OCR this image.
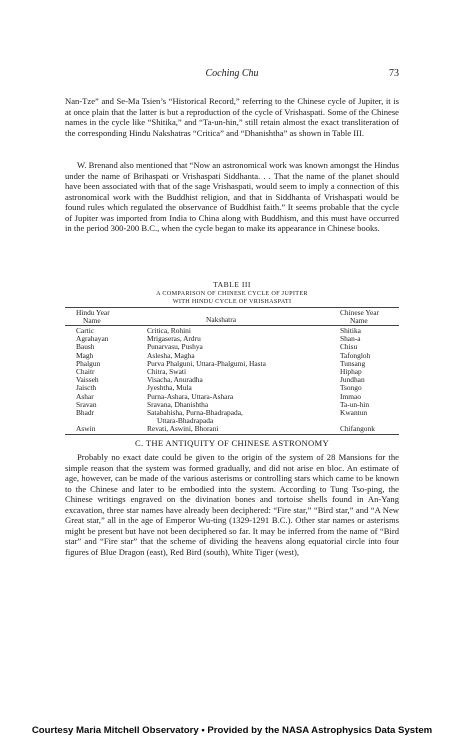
Coching Chu	73

Nan-Tze” and Se-Ma Tsien’s “Historical Record,” referring to the Chinese cycle of Jupiter, it is at once plain that the latter is but a reproduction of the cycle of Vrishaspati. Some of the Chinese names in the cycle like “Shitika,” and “Ta-un-hin,” still retain almost the exact transliteration of the corresponding Hindu Nakshatras “Critica” and “Dhanishtha” as shown in Table III.

W. Brenand also mentioned that “Now an astronomical work was known amongst the Hindus under the name of Brihaspati or Vrishaspati Siddhanta. . . That the name of the planet should have been associated with that of the sage Vrishaspati, would seem to imply a connection of this astronomical work with the Buddhist religion, and that in Siddhanta of Vrishaspati would be found rules which regulated the observance of Buddhist faith.” It seems probable that the cycle of Jupiter was imported from India to China along with Buddhism, and this must have occurred in the period 300-200 B.C., when the cycle began to make its appearance in Chinese books.

TABLE III
A COMPARISON OF CHINESE CYCLE OF JUPITER
WITH HINDU CYCLE OF VRISHASPATI
Hindu Year
Name	Nakshatra
Chinese Year
Name
Cartic	Critica, Rohini	Shitika
Agrahayan	Mrigaseras, Ardru	Shan-a
Baush	Punarvasu, Pushya	Chisu
Magh	Aslesha, Magha	Tafongloh
Phalgun	Purva Phalguni, Uttara-Phalgumi, Hasta	Tunsang
Chaitr	Chitra, Swati	Hiphap
Vaisseh	Visacha, Anuradha	Jundhan
Jaiscth	Jyeshtha, Mula	Tsongo
Ashar	Purna-Ashara, Uttara-Ashara	Immao
Sravan	Sravana, Dhanishtha	Ta-un-hin
Bhadr	Satabahisha, Purna-Bhadrapada,	Kwantun
Uttara-Bhadrapada
Aswin	Revati, Aswini, Bhorani	Chifangonk
C. THE ANTIQUITY OF CHINESE ASTRONOMY

Probably no exact date could be given to the origin of the system of 28 Mansions for the simple reason that the system was formed gradually, and did not arise en bloc. An estimate of age, however, can be made of the various asterisms or controlling stars which came to be known to the Chinese and later to be embodied into the system. According to Tung Tso-ping, the Chinese writings engraved on the divination bones and tortoise shells found in An-Yang excavation, three star names have already been deciphered: “Fire star,” “Bird star,” and “A New Great star,” all in the age of Emperor Wu-ting (1329-1291 B.C.). Other star names or asterisms might be present but have not been deciphered so far. It may be inferred from the name of “Bird star” and “Fire star” that the scheme of dividing the heavens along equatorial circle into four figures of Blue Dragon (east), Red Bird (south), White Tiger (west),

Courtesy Maria Mitchell Observatory • Provided by the NASA Astrophysics Data System
